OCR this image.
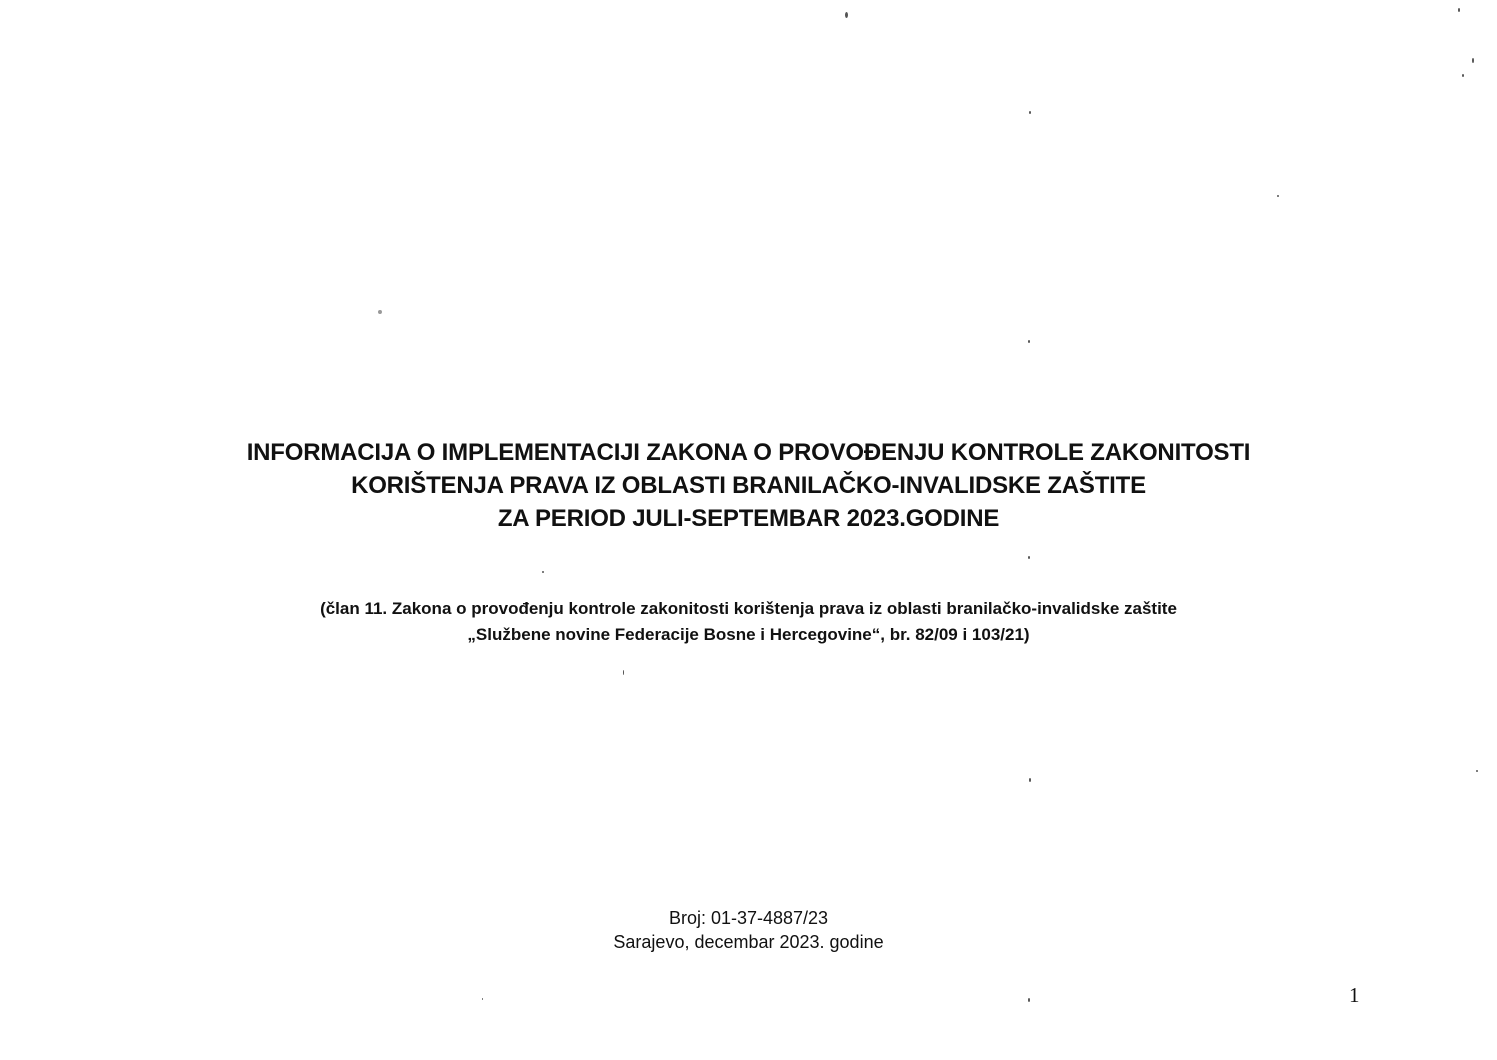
INFORMACIJA O IMPLEMENTACIJI ZAKONA O PROVOĐENJU KONTROLE ZAKONITOSTI
KORIŠTENJA PRAVA IZ OBLASTI BRANILAČKO-INVALIDSKE ZAŠTITE
ZA PERIOD JULI-SEPTEMBAR 2023.GODINE
(član 11. Zakona o provođenju kontrole zakonitosti korištenja prava iz oblasti branilačko-invalidske zaštite
„Službene novine Federacije Bosne i Hercegovine“, br. 82/09 i 103/21)
Broj: 01-37-4887/23
Sarajevo, decembar 2023. godine
1
